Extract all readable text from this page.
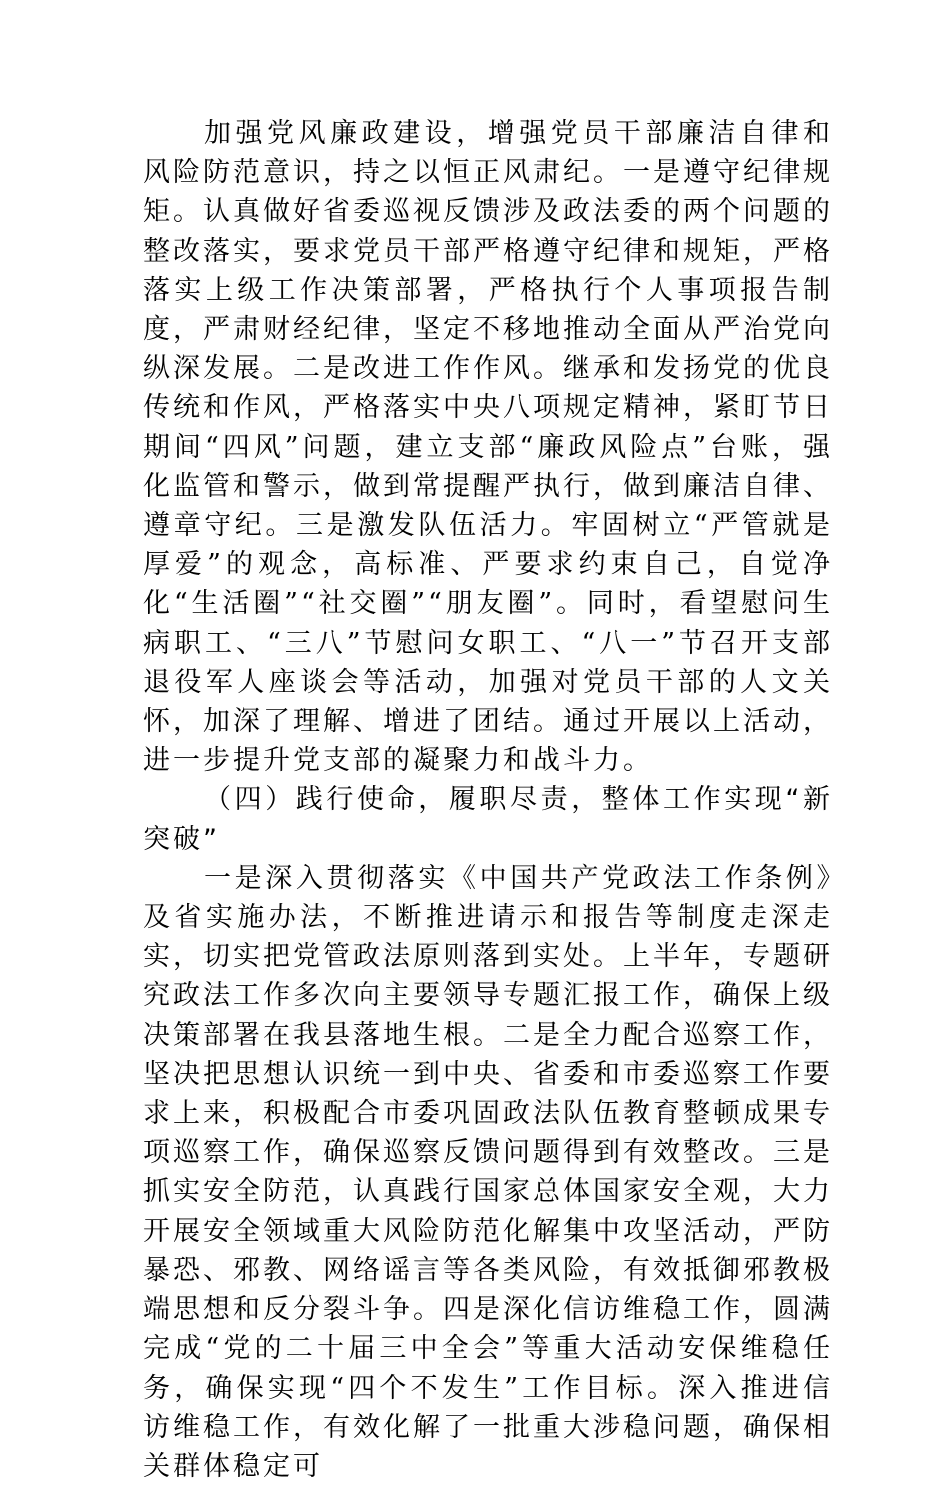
加强党风廉政建设，增强党员干部廉洁自律和风险防范意识，持之以恒正风肃纪。一是遵守纪律规矩。认真做好省委巡视反馈涉及政法委的两个问题的整改落实，要求党员干部严格遵守纪律和规矩，严格落实上级工作决策部署，严格执行个人事项报告制度，严肃财经纪律，坚定不移地推动全面从严治党向纵深发展。二是改进工作作风。继承和发扬党的优良传统和作风，严格落实中央八项规定精神，紧盯节日期间“四风”问题，建立支部“廉政风险点”台账，强化监管和警示，做到常提醒严执行，做到廉洁自律、遵章守纪。三是激发队伍活力。牢固树立“严管就是厚爱”的观念，高标准、严要求约束自己，自觉净化“生活圈”“社交圈”“朋友圈”。同时，看望慰问生病职工、“三八”节慰问女职工、“八一”节召开支部退役军人座谈会等活动，加强对党员干部的人文关怀，加深了理解、增进了团结。通过开展以上活动，进一步提升党支部的凝聚力和战斗力。

（四）践行使命，履职尽责，整体工作实现“新突破”

一是深入贯彻落实《中国共产党政法工作条例》及省实施办法，不断推进请示和报告等制度走深走实，切实把党管政法原则落到实处。上半年，专题研究政法工作多次向主要领导专题汇报工作，确保上级决策部署在我县落地生根。二是全力配合巡察工作，坚决把思想认识统一到中央、省委和市委巡察工作要求上来，积极配合市委巩固政法队伍教育整顿成果专项巡察工作，确保巡察反馈问题得到有效整改。三是抓实安全防范，认真践行国家总体国家安全观，大力开展安全领域重大风险防范化解集中攻坚活动，严防暴恐、邪教、网络谣言等各类风险，有效抵御邪教极端思想和反分裂斗争。四是深化信访维稳工作，圆满完成“党的二十届三中全会”等重大活动安保维稳任务，确保实现“四个不发生”工作目标。深入推进信访维稳工作，有效化解了一批重大涉稳问题，确保相关群体稳定可
